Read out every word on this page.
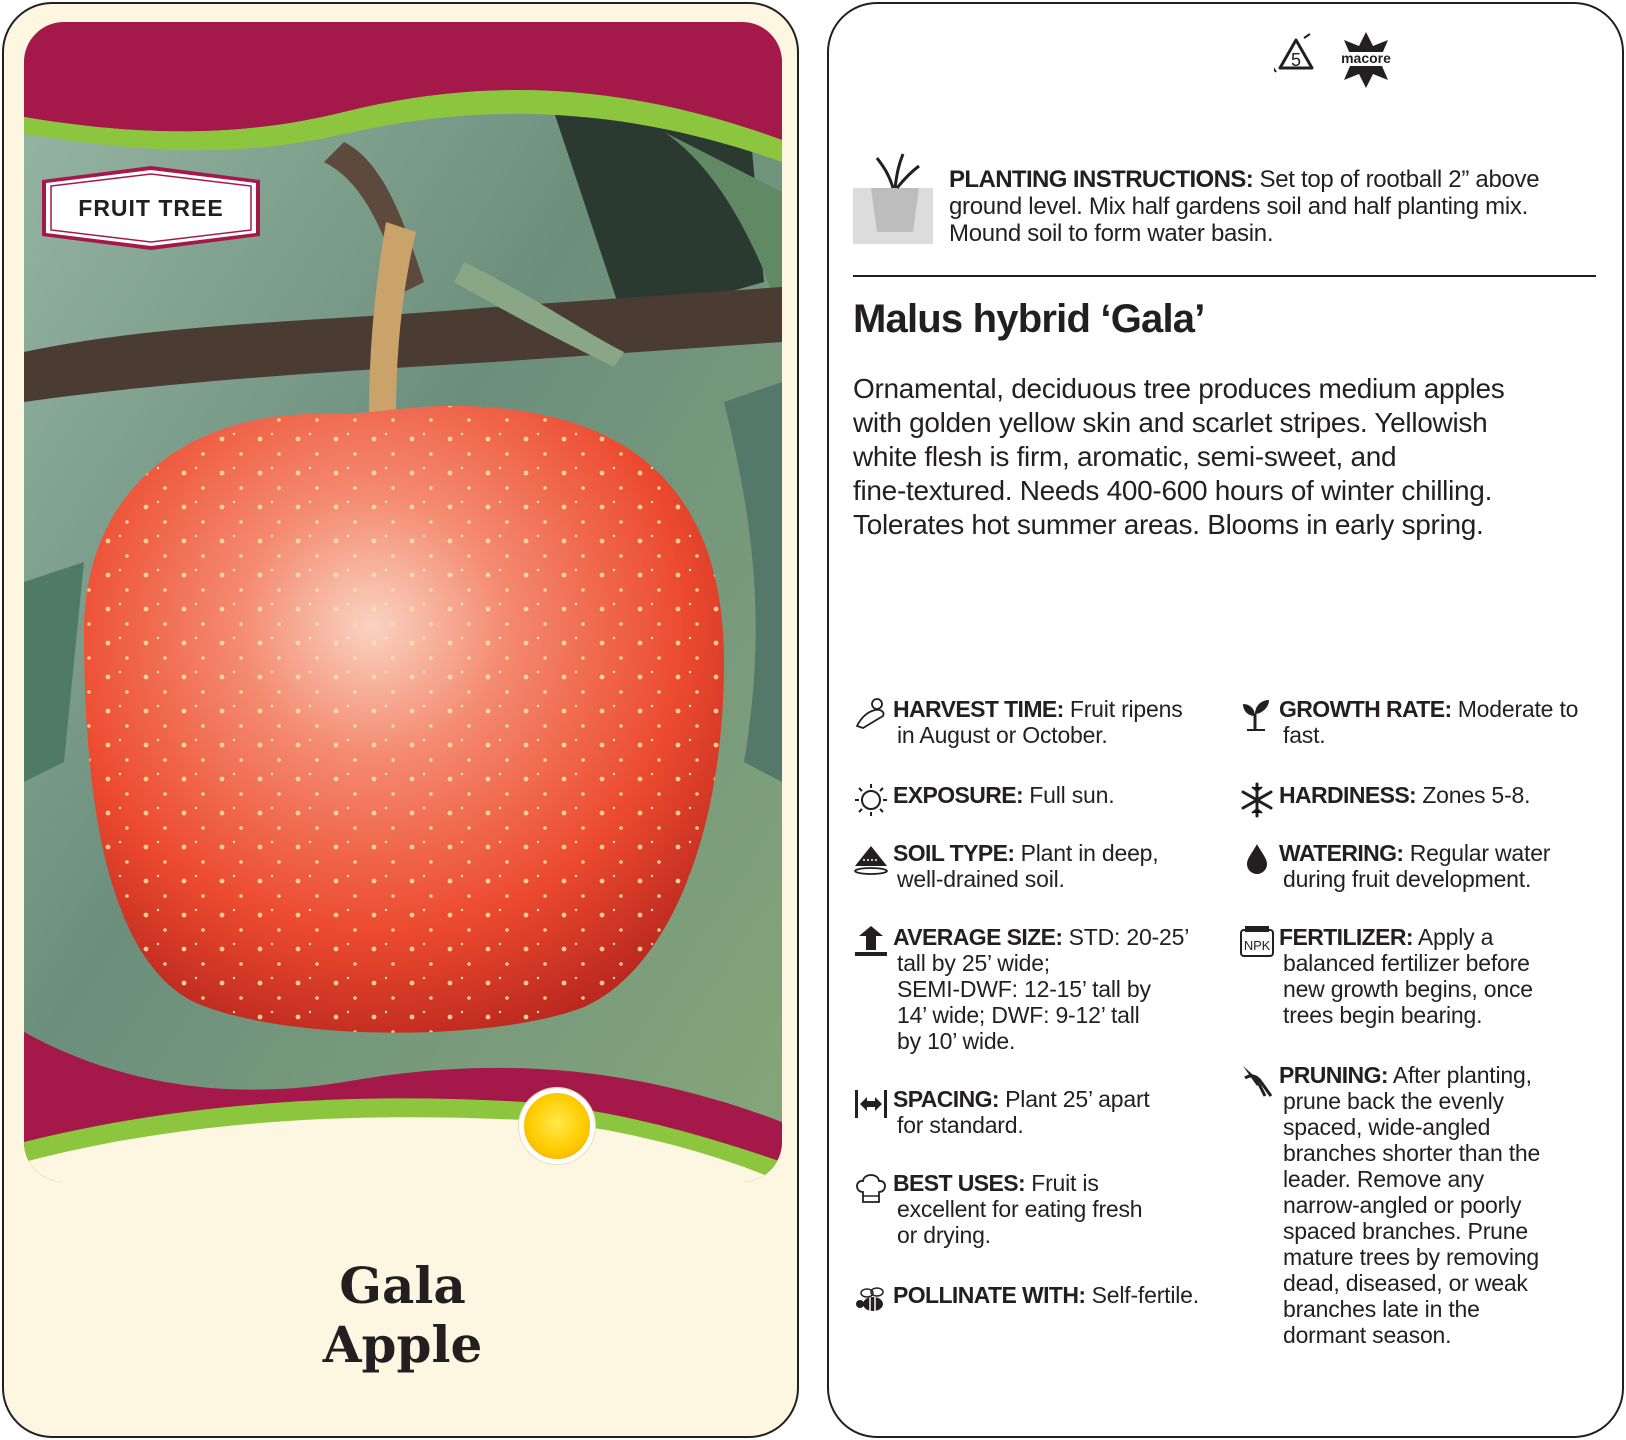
FRUIT TREE
Gala
Apple
5	macore
PLANTING INSTRUCTIONS: Set top of rootball 2” above
ground level. Mix half gardens soil and half planting mix.
Mound soil to form water basin.
Malus hybrid ‘Gala’
Ornamental, deciduous tree produces medium apples
with golden yellow skin and scarlet stripes. Yellowish
white flesh is firm, aromatic, semi-sweet, and
fine-textured. Needs 400-600 hours of winter chilling.
Tolerates hot summer areas. Blooms in early spring.
HARVEST TIME: Fruit ripens
in August or October.
EXPOSURE: Full sun.
SOIL TYPE: Plant in deep,
well-drained soil.
AVERAGE SIZE: STD: 20-25’
tall by 25’ wide;
SEMI-DWF: 12-15’ tall by
14’ wide; DWF: 9-12’ tall
by 10’ wide.
SPACING: Plant 25’ apart
for standard.
BEST USES: Fruit is
excellent for eating fresh
or drying.
POLLINATE WITH: Self-fertile.
GROWTH RATE: Moderate to
fast.
HARDINESS: Zones 5-8.
WATERING: Regular water
during fruit development.
NPK FERTILIZER: Apply a
balanced fertilizer before
new growth begins, once
trees begin bearing.
PRUNING: After planting,
prune back the evenly
spaced, wide-angled
branches shorter than the
leader. Remove any
narrow-angled or poorly
spaced branches. Prune
mature trees by removing
dead, diseased, or weak
branches late in the
dormant season.
